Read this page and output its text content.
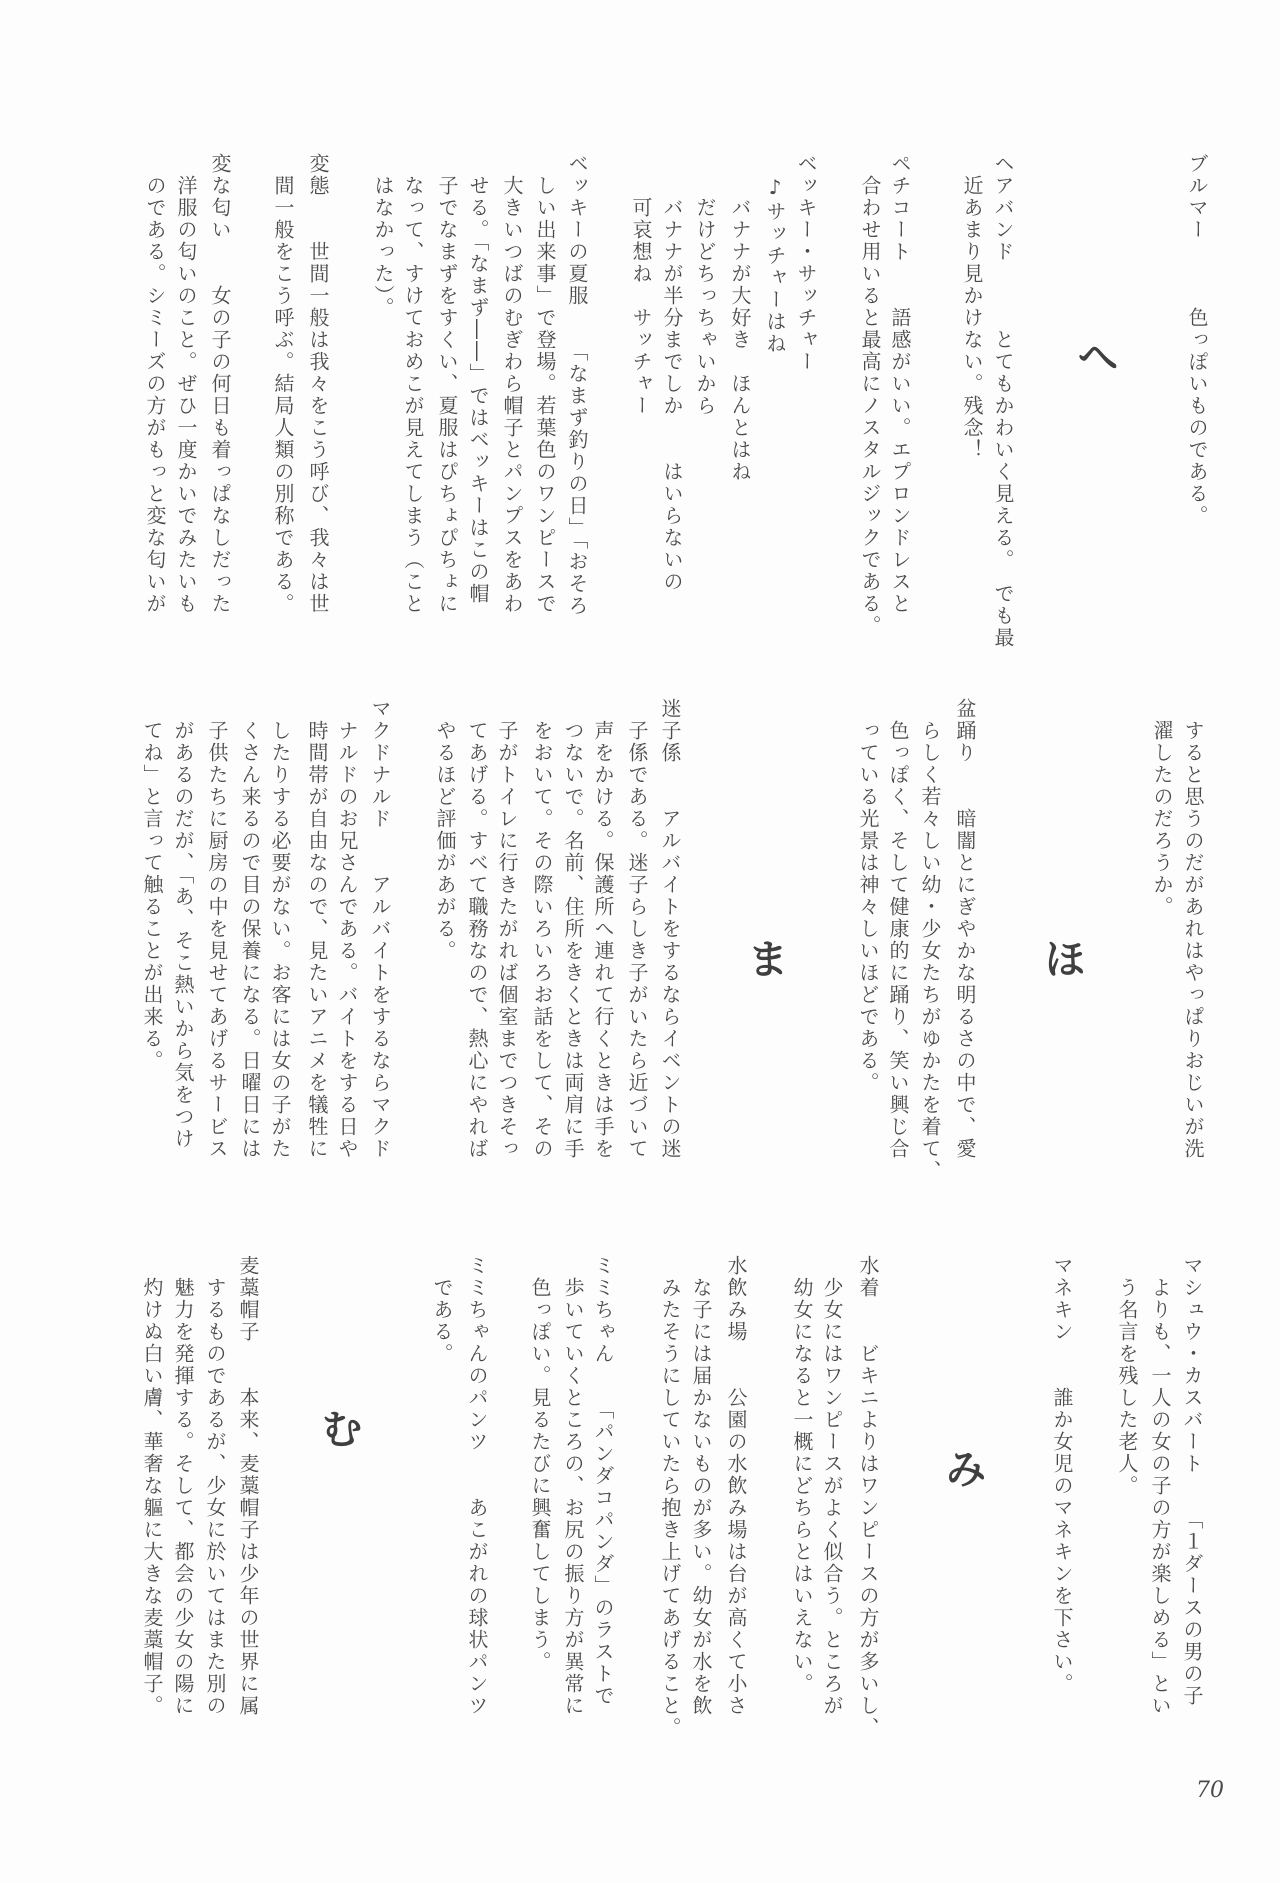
ブルマー　　　色っぽいものである。
へ
ヘアバンド　　　とてもかわいく見える。　でも最
近あまり見かけない。残念！
ペチコート　　語感がいい。エプロンドレスと
合わせ用いると最高にノスタルジックである。
ベッキー・サッチャー
♪サッチャーはね
バナナが大好き　ほんとはね
だけどちっちゃいから
バナナが半分までしか　　はいらないの
可哀想ね　サッチャー
ベッキーの夏服　　「なまず釣りの日」「おそろ
しい出来事」で登場。若葉色のワンピースで
大きいつばのむぎわら帽子とパンプスをあわ
せる。「なまず――」ではベッキーはこの帽
子でなまずをすくい、夏服はぴちょぴちょに
なって、すけておめこが見えてしまう（こと
はなかった）。
変態　　世間一般は我々をこう呼び、我々は世
間一般をこう呼ぶ。結局人類の別称である。
変な匂い　　女の子の何日も着っぱなしだった
洋服の匂いのこと。ぜひ一度かいでみたいも
のである。シミーズの方がもっと変な匂いが
すると思うのだがあれはやっぱりおじいが洗
濯したのだろうか。
ほ
盆踊り　　暗闇とにぎやかな明るさの中で、愛
らしく若々しい幼・少女たちがゆかたを着て、
色っぽく、そして健康的に踊り、笑い興じ合
っている光景は神々しいほどである。
ま
迷子係　　アルバイトをするならイベントの迷
子係である。迷子らしき子がいたら近づいて
声をかける。保護所へ連れて行くときは手を
つないで。名前、住所をきくときは両肩に手
をおいて。その際いろいろお話をして、その
子がトイレに行きたがれば個室までつきそっ
てあげる。すべて職務なので、熱心にやれば
やるほど評価があがる。
マクドナルド　　アルバイトをするならマクド
ナルドのお兄さんである。バイトをする日や
時間帯が自由なので、見たいアニメを犠牲に
したりする必要がない。お客には女の子がた
くさん来るので目の保養になる。日曜日には
子供たちに厨房の中を見せてあげるサービス
があるのだが、「あ、そこ熱いから気をつけ
てね」と言って触ることが出来る。
マシュウ・カスバート　　「１ダースの男の子
よりも、一人の女の子の方が楽しめる」とい
う名言を残した老人。
マネキン　　誰か女児のマネキンを下さい。
み
水着　　ビキニよりはワンピースの方が多いし、
少女にはワンピースがよく似合う。ところが
幼女になると一概にどちらとはいえない。
水飲み場　　公園の水飲み場は台が高くて小さ
な子には届かないものが多い。幼女が水を飲
みたそうにしていたら抱き上げてあげること。
ミミちゃん　　「パンダコパンダ」のラストで
歩いていくところの、お尻の振り方が異常に
色っぽい。見るたびに興奮してしまう。
ミミちゃんのパンツ　　あこがれの球状パンツ
である。
む
麦藁帽子　　本来、麦藁帽子は少年の世界に属
するものであるが、少女に於いてはまた別の
魅力を発揮する。そして、都会の少女の陽に
灼けぬ白い膚、華奢な軀に大きな麦藁帽子。
70
